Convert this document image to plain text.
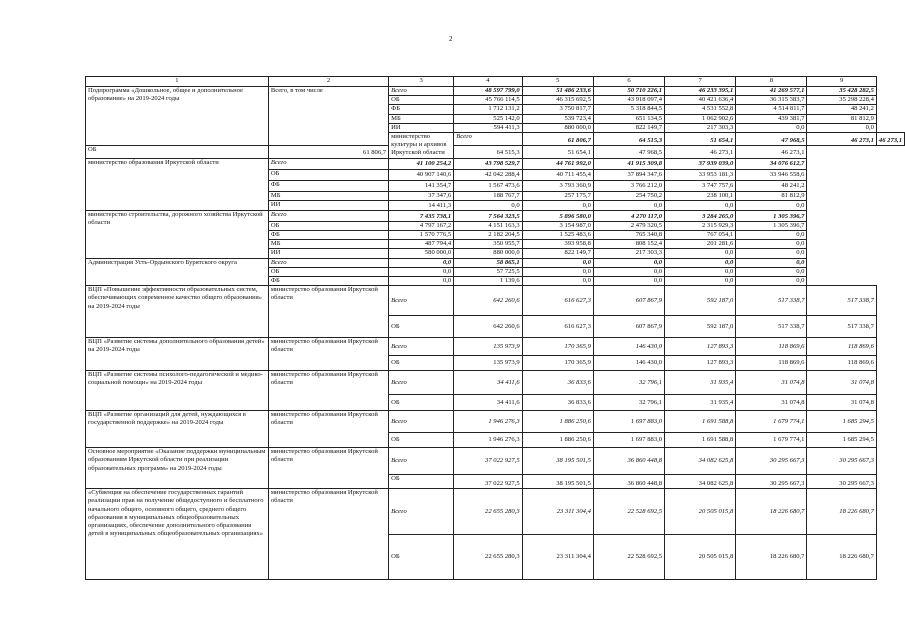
2
1	2	3	4	5	6	7	8	9	
Подпрограмма «Дошкольное, общее и дополнительное образование» на 2019-2024 годы	Всего, в том числе	Всего	48 597 799,0	51 486 233,6	50 710 226,1	46 233 395,1	41 269 577,1	35 428 282,5	
		ОБ	45 766 114,5	46 315 692,5	43 918 097,4	40 421 636,4	36 315 383,7	35 298 228,4	
		ФБ	1 712 131,2	3 750 817,7	5 318 844,5	4 531 552,8	4 514 811,7	48 241,2	
		МБ	525 142,0	539 723,4	651 134,5	1 062 902,6	439 381,7	81 812,9	
		ИИ	594 411,3	880 000,0	822 149,7	217 303,3	0,0	0,0	
		министерство культуры и архивов Иркутской области	Всего	61 806,7	64 515,3	51 654,1	47 968,5	46 273,1	46 273,1
ОБ	61 806,7		64 515,3	51 654,1	47 968,5	46 273,1	46 273,1		
министерство образования Иркутской области	Всего	41 100 254,2	43 798 529,7	44 761 992,0	41 915 309,8	37 939 039,0	34 076 612,7		
	ОБ	40 907 140,6	42 042 288,4	40 711 455,4	37 894 347,6	33 953 181,3	33 946 558,6		
	ФБ	141 354,7	1 567 473,6	3 793 360,9	3 766 212,0	3 747 757,6	48 241,2		
	МБ	37 347,6	188 767,7	257 175,7	254 750,2	238 100,1	81 812,9		
	ИИ	14 411,3	0,0	0,0	0,0	0,0	0,0		
министерство строительства, дорожного хозяйства Иркутской области	Всего	7 435 738,1	7 564 323,5	5 896 580,0	4 270 117,0	3 284 265,0	1 305 396,7		
	ОБ	4 797 167,2	4 151 163,3	3 154 987,0	2 479 320,5	2 315 929,3	1 305 396,7		
	ФБ	1 570 776,5	2 182 204,5	1 525 483,6	765 340,8	767 054,1	0,0		
	МБ	487 794,4	350 955,7	393 958,8	808 152,4	201 281,6	0,0		
	ИИ	580 000,0	880 000,0	822 149,7	217 303,3	0,0	0,0		
Администрация Усть-Ордынского Бурятского округа	Всего	0,0	58 865,1	0,0	0,0	0,0	0,0		
	ОБ	0,0	57 725,5	0,0	0,0	0,0	0,0		
	ФБ	0,0	1 139,6	0,0	0,0	0,0	0,0		
ВЦП «Повышение эффективности образовательных систем, обеспечивающих современное качество общего образования» на 2019-2024 годы	министерство образования Иркутской области	Всего	642 260,6	616 627,3	607 867,9	592 187,0	517 338,7	517 338,7	
		ОБ	642 260,6	616 627,3	607 867,9	592 187,0	517 338,7	517 338,7	
ВЦП «Развитие системы дополнительного образования детей» на 2019-2024 годы	министерство образования Иркутской области	Всего	135 973,9	170 365,9	146 430,0	127 893,3	118 869,6	118 869,6	
		ОБ	135 973,9	170 365,9	146 430,0	127 893,3	118 869,6	118 869,6	
ВЦП «Развитие системы психолого-педагогической и медико-социальной помощи» на 2019-2024 годы	министерство образования Иркутской области	Всего	34 411,6	36 833,6	32 796,1	31 935,4	31 074,8	31 074,8	
		ОБ	34 411,6	36 833,6	32 796,1	31 935,4	31 074,8	31 074,8	
ВЦП «Развитие организаций для детей, нуждающихся в государственной поддержке» на 2019-2024 годы	министерство образования Иркутской области	Всего	1 946 276,3	1 886 250,6	1 697 883,0	1 691 588,8	1 679 774,1	1 685 294,5	
		ОБ	1 946 276,3	1 886 250,6	1 697 883,0	1 691 588,8	1 679 774,1	1 685 294,5	
Основное мероприятие «Оказание поддержки муниципальным образованиям Иркутской области при реализации образовательных программ» на 2019-2024 годы	министерство образования Иркутской области	Всего	37 022 927,5	38 195 501,5	36 860 448,8	34 082 625,8	30 295 667,3	30 295 667,3	
		ОБ	37 022 927,5	38 195 501,5	36 860 448,8	34 082 625,8	30 295 667,3	30 295 667,3	
«Субвенция на обеспечение государственных гарантий реализации прав на получение общедоступного и бесплатного начального общего, основного общего, среднего общего образования в муниципальных общеобразовательных организациях, обеспечение дополнительного образования детей в муниципальных общеобразовательных организациях»	министерство образования Иркутской области	Всего	22 655 280,3	23 311 304,4	22 528 692,5	20 505 015,8	18 226 680,7	18 226 680,7	
		ОБ	22 655 280,3	23 311 304,4	22 528 692,5	20 505 015,8	18 226 680,7	18 226 680,7	
